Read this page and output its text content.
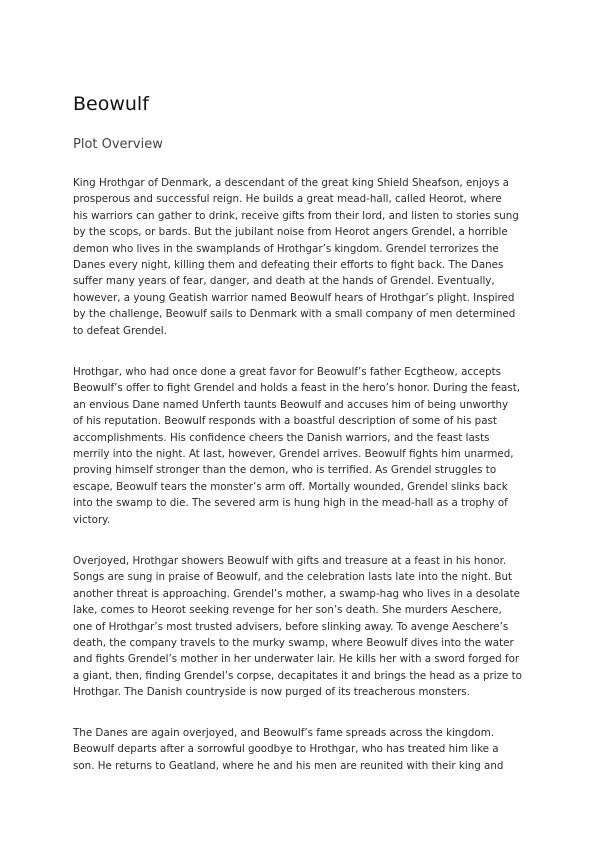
Beowulf
Plot Overview

King Hrothgar of Denmark, a descendant of the great king Shield Sheafson, enjoys a
prosperous and successful reign. He builds a great mead-hall, called Heorot, where
his warriors can gather to drink, receive gifts from their lord, and listen to stories sung
by the scops, or bards. But the jubilant noise from Heorot angers Grendel, a horrible
demon who lives in the swamplands of Hrothgar’s kingdom. Grendel terrorizes the
Danes every night, killing them and defeating their efforts to fight back. The Danes
suffer many years of fear, danger, and death at the hands of Grendel. Eventually,
however, a young Geatish warrior named Beowulf hears of Hrothgar’s plight. Inspired
by the challenge, Beowulf sails to Denmark with a small company of men determined
to defeat Grendel.

Hrothgar, who had once done a great favor for Beowulf’s father Ecgtheow, accepts
Beowulf’s offer to fight Grendel and holds a feast in the hero’s honor. During the feast,
an envious Dane named Unferth taunts Beowulf and accuses him of being unworthy
of his reputation. Beowulf responds with a boastful description of some of his past
accomplishments. His confidence cheers the Danish warriors, and the feast lasts
merrily into the night. At last, however, Grendel arrives. Beowulf fights him unarmed,
proving himself stronger than the demon, who is terrified. As Grendel struggles to
escape, Beowulf tears the monster’s arm off. Mortally wounded, Grendel slinks back
into the swamp to die. The severed arm is hung high in the mead-hall as a trophy of
victory.

Overjoyed, Hrothgar showers Beowulf with gifts and treasure at a feast in his honor.
Songs are sung in praise of Beowulf, and the celebration lasts late into the night. But
another threat is approaching. Grendel’s mother, a swamp-hag who lives in a desolate
lake, comes to Heorot seeking revenge for her son’s death. She murders Aeschere,
one of Hrothgar’s most trusted advisers, before slinking away. To avenge Aeschere’s
death, the company travels to the murky swamp, where Beowulf dives into the water
and fights Grendel’s mother in her underwater lair. He kills her with a sword forged for
a giant, then, finding Grendel’s corpse, decapitates it and brings the head as a prize to
Hrothgar. The Danish countryside is now purged of its treacherous monsters.

The Danes are again overjoyed, and Beowulf’s fame spreads across the kingdom.
Beowulf departs after a sorrowful goodbye to Hrothgar, who has treated him like a
son. He returns to Geatland, where he and his men are reunited with their king and
